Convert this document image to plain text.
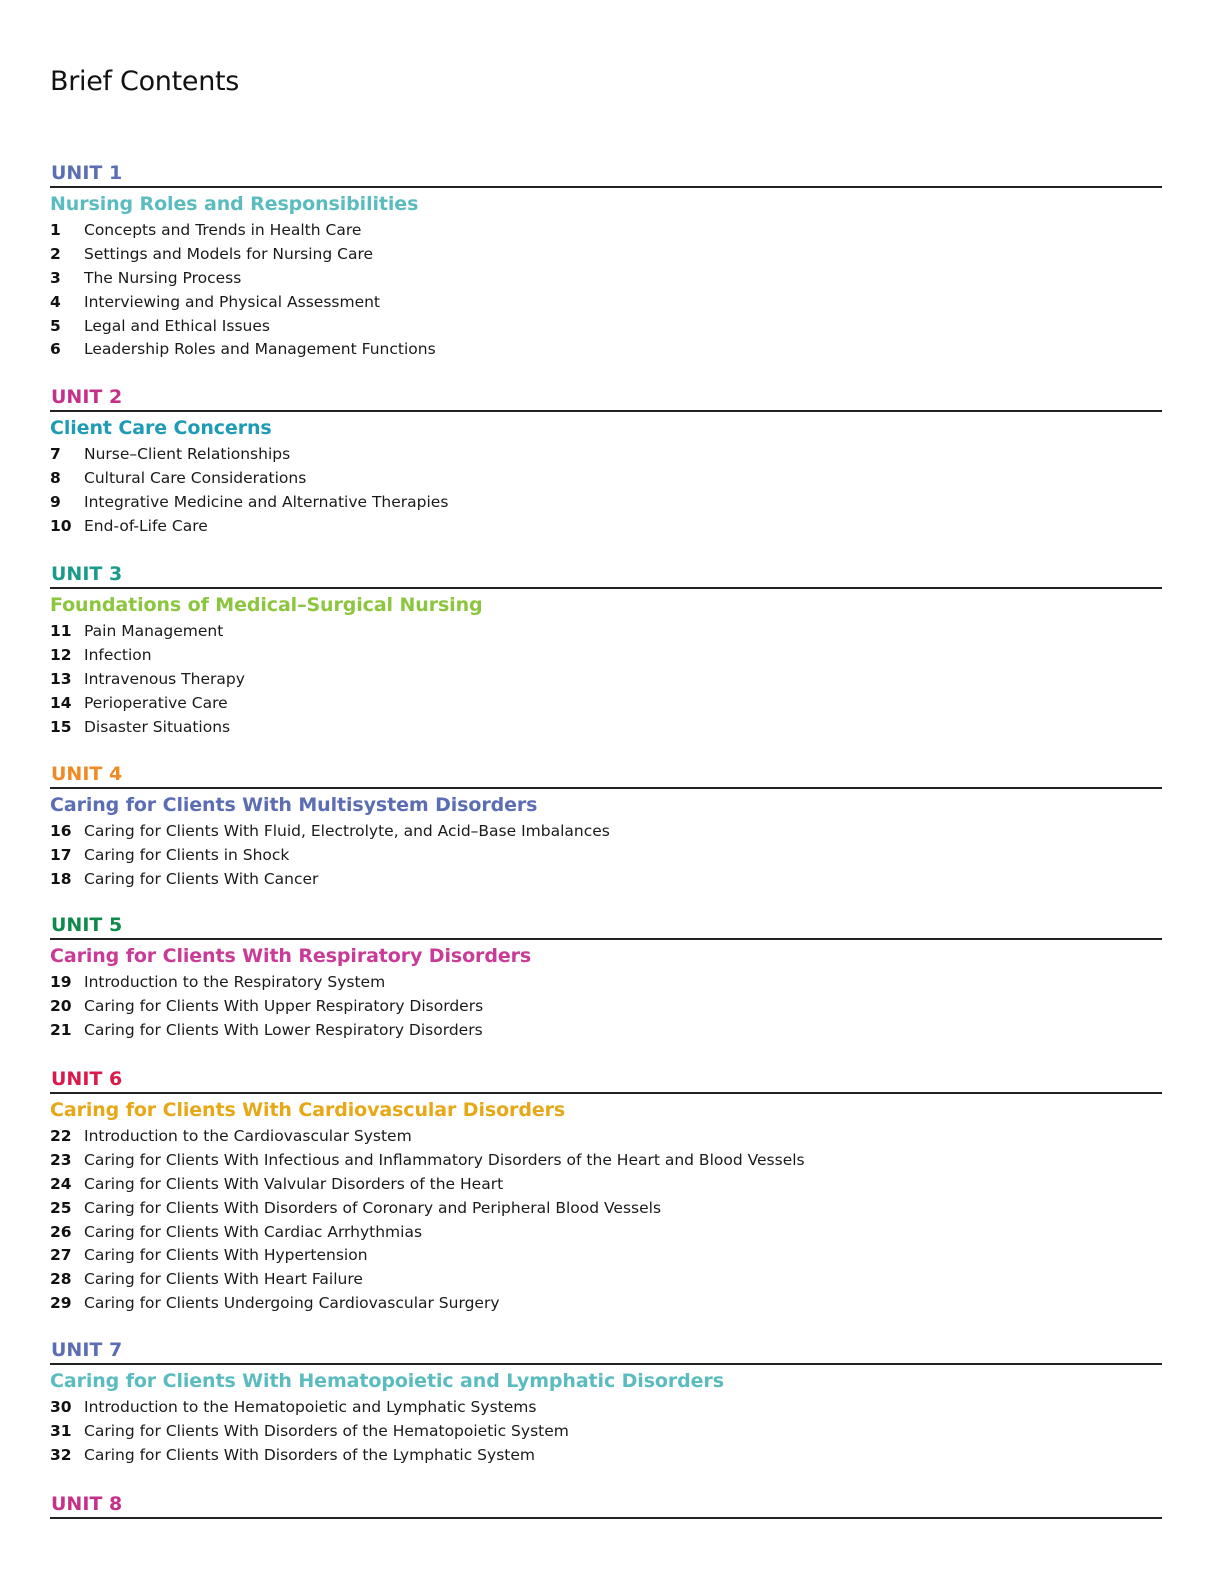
Brief Contents
UNIT 1
Nursing Roles and Responsibilities
1	Concepts and Trends in Health Care
2	Settings and Models for Nursing Care
3	The Nursing Process
4	Interviewing and Physical Assessment
5	Legal and Ethical Issues
6	Leadership Roles and Management Functions
UNIT 2
Client Care Concerns
7	Nurse–Client Relationships
8	Cultural Care Considerations
9	Integrative Medicine and Alternative Therapies
10 End-of-Life Care
UNIT 3
Foundations of Medical–Surgical Nursing
11 Pain Management
12 Infection
13 Intravenous Therapy
14 Perioperative Care
15 Disaster Situations
UNIT 4
Caring for Clients With Multisystem Disorders
16 Caring for Clients With Fluid, Electrolyte, and Acid–Base Imbalances
17 Caring for Clients in Shock
18 Caring for Clients With Cancer
UNIT 5
Caring for Clients With Respiratory Disorders
19 Introduction to the Respiratory System
20 Caring for Clients With Upper Respiratory Disorders
21 Caring for Clients With Lower Respiratory Disorders
UNIT 6
Caring for Clients With Cardiovascular Disorders
22 Introduction to the Cardiovascular System
23 Caring for Clients With Infectious and Inflammatory Disorders of the Heart and Blood Vessels
24 Caring for Clients With Valvular Disorders of the Heart
25 Caring for Clients With Disorders of Coronary and Peripheral Blood Vessels
26 Caring for Clients With Cardiac Arrhythmias
27 Caring for Clients With Hypertension
28 Caring for Clients With Heart Failure
29 Caring for Clients Undergoing Cardiovascular Surgery
UNIT 7
Caring for Clients With Hematopoietic and Lymphatic Disorders
30 Introduction to the Hematopoietic and Lymphatic Systems
31 Caring for Clients With Disorders of the Hematopoietic System
32 Caring for Clients With Disorders of the Lymphatic System
UNIT 8
